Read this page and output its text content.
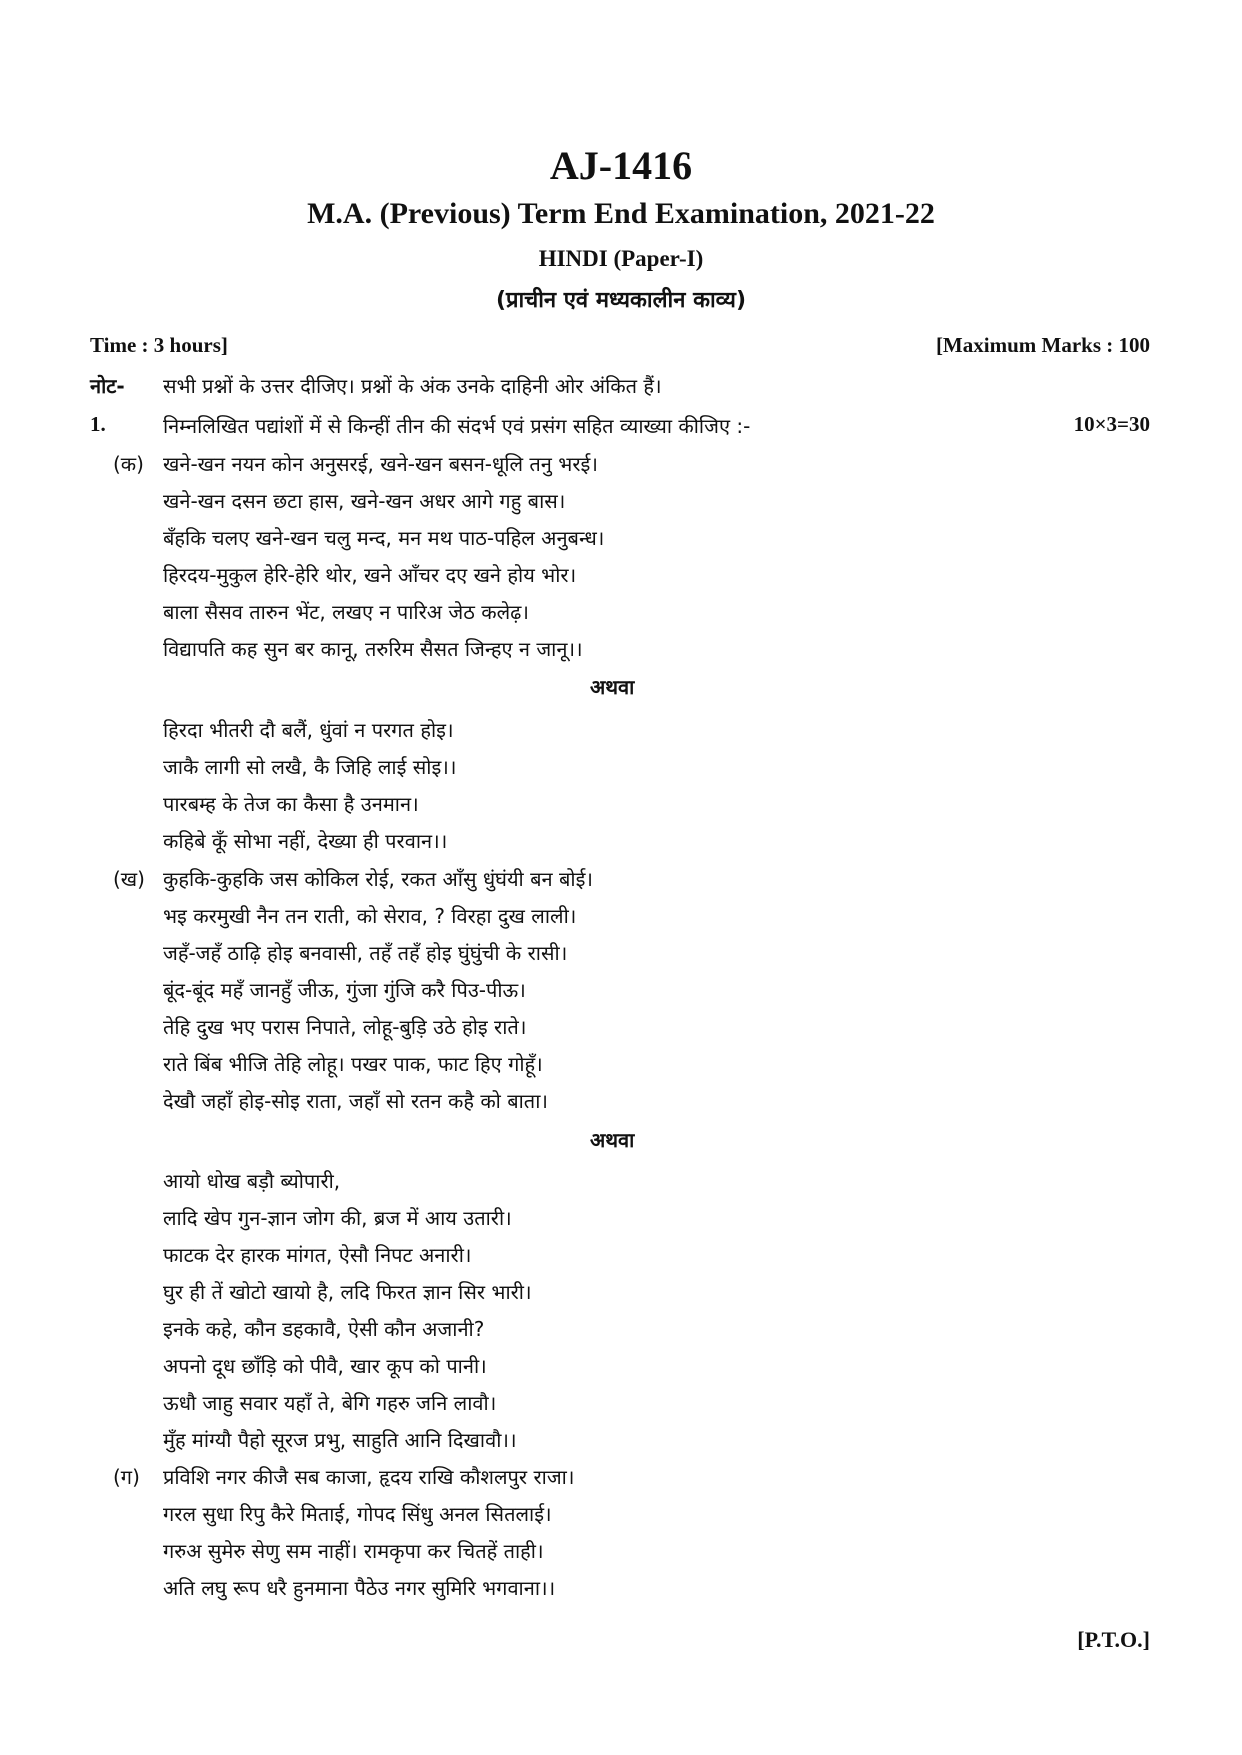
AJ-1416
M.A. (Previous) Term End Examination, 2021-22
HINDI (Paper-I)
(प्राचीन एवं मध्यकालीन काव्य)
Time : 3 hours]	[Maximum Marks : 100
नोट- सभी प्रश्नों के उत्तर दीजिए। प्रश्नों के अंक उनके दाहिनी ओर अंकित हैं।
1.	निम्नलिखित पद्यांशों में से किन्हीं तीन की संदर्भ एवं प्रसंग सहित व्याख्या कीजिए :-	10×3=30
(क) खने-खन नयन कोन अनुसरई, खने-खन बसन-धूलि तनु भरई।
खने-खन दसन छटा हास, खने-खन अधर आगे गहु बास।
बँहकि चलए खने-खन चलु मन्द, मन मथ पाठ-पहिल अनुबन्ध।
हिरदय-मुकुल हेरि-हेरि थोर, खने आँचर दए खने होय भोर।
बाला सैसव तारुन भेंट, लखए न पारिअ जेठ कलेढ़।
विद्यापति कह सुन बर कानू, तरुरिम सैसत जिन्हए न जानू।।
अथवा
हिरदा भीतरी दौ बलैं, धुंवां न परगत होइ।
जाकै लागी सो लखै, कै जिहि लाई सोइ।।
पारबम्ह के तेज का कैसा है उनमान।
कहिबे कूँ सोभा नहीं, देख्या ही परवान।।
(ख) कुहकि-कुहकि जस कोकिल रोई, रकत आँसु धुंघंयी बन बोई।
भइ करमुखी नैन तन राती, को सेराव, ? विरहा दुख लाली।
जहँ-जहँ ठाढ़ि होइ बनवासी, तहँ तहँ होइ घुंघुंची के रासी।
बूंद-बूंद महँ जानहुँ जीऊ, गुंजा गुंजि करै पिउ-पीऊ।
तेहि दुख भए परास निपाते, लोहू-बुड़ि उठे होइ राते।
राते बिंब भीजि तेहि लोहू। पखर पाक, फाट हिए गोहूँ।
देखौ जहाँ होइ-सोइ राता, जहाँ सो रतन कहै को बाता।
अथवा
आयो धोख बड़ौ ब्योपारी,
लादि खेप गुन-ज्ञान जोग की, ब्रज में आय उतारी।
फाटक देर हारक मांगत, ऐसौ निपट अनारी।
घुर ही तें खोटो खायो है, लदि फिरत ज्ञान सिर भारी।
इनके कहे, कौन डहकावै, ऐसी कौन अजानी?
अपनो दूध छाँड़ि को पीवै, खार कूप को पानी।
ऊधौ जाहु सवार यहाँ ते, बेगि गहरु जनि लावौ।
मुँह मांग्यौ पैहो सूरज प्रभु, साहुति आनि दिखावौ।।
(ग) प्रविशि नगर कीजै सब काजा, हृदय राखि कौशलपुर राजा।
गरल सुधा रिपु कैरे मिताई, गोपद सिंधु अनल सितलाई।
गरुअ सुमेरु सेणु सम नाहीं। रामकृपा कर चितहें ताही।
अति लघु रूप धरै हुनमाना पैठेउ नगर सुमिरि भगवाना।।
[P.T.O.]
